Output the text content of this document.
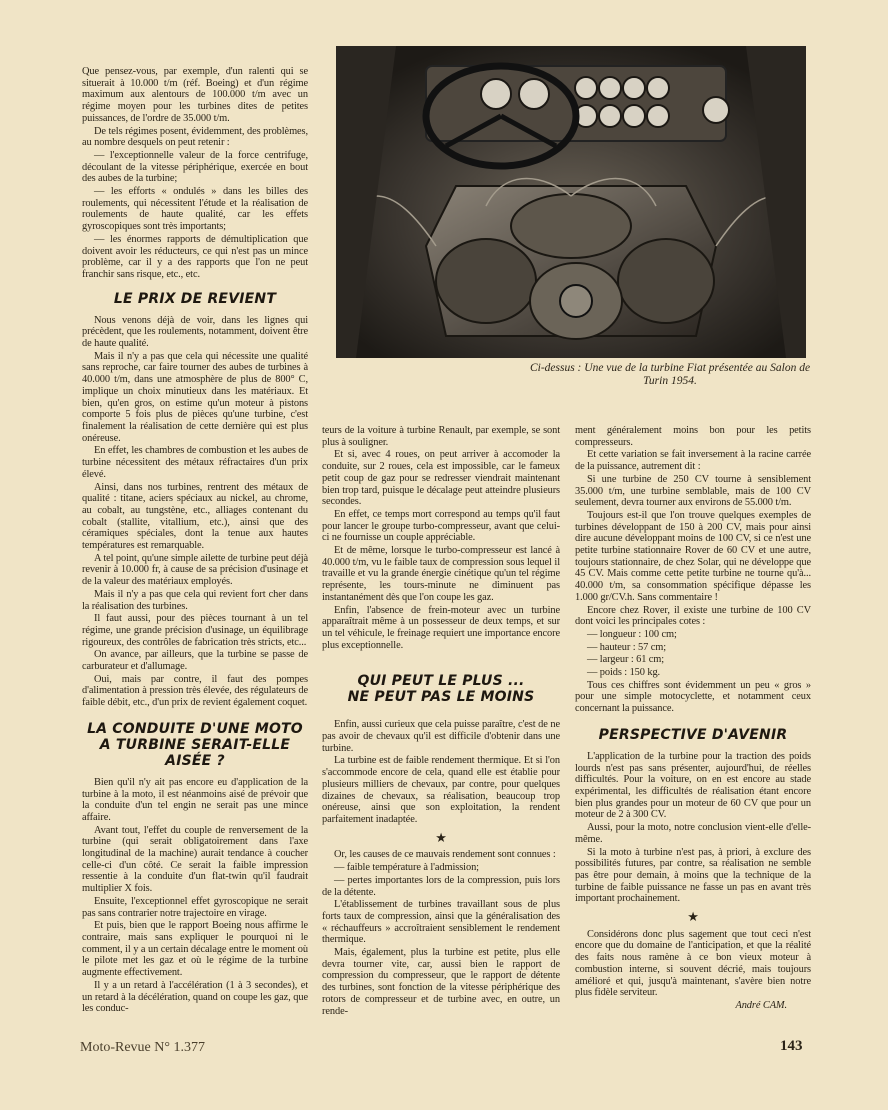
Que pensez-vous, par exemple, d'un ralenti qui se situerait à 10.000 t/m (réf. Boeing) et d'un régime maximum aux alentours de 100.000 t/m avec un régime moyen pour les turbines dites de petites puissances, de l'ordre de 35.000 t/m.

De tels régimes posent, évidemment, des problèmes, au nombre desquels on peut retenir :

— l'exceptionnelle valeur de la force centrifuge, découlant de la vitesse périphérique, exercée en bout des aubes de la turbine;

— les efforts « ondulés » dans les billes des roulements, qui nécessitent l'étude et la réalisation de roulements de haute qualité, car les effets gyroscopiques sont très importants;

— les énormes rapports de démultiplication que doivent avoir les réducteurs, ce qui n'est pas un mince problème, car il y a des rapports que l'on ne peut franchir sans risque, etc., etc.

LE PRIX DE REVIENT

Nous venons déjà de voir, dans les lignes qui précèdent, que les roulements, notamment, doivent être de haute qualité.

Mais il n'y a pas que cela qui nécessite une qualité sans reproche, car faire tourner des aubes de turbines à 40.000 t/m, dans une atmosphère de plus de 800° C, implique un choix minutieux dans les matériaux. Et bien, qu'en gros, on estime qu'un moteur à pistons comporte 5 fois plus de pièces qu'une turbine, c'est finalement la réalisation de cette dernière qui est plus onéreuse.

En effet, les chambres de combustion et les aubes de turbine nécessitent des métaux réfractaires d'un prix élevé.

Ainsi, dans nos turbines, rentrent des métaux de qualité : titane, aciers spéciaux au nickel, au chrome, au cobalt, au tungstène, etc., alliages contenant du cobalt (stallite, vitallium, etc.), ainsi que des céramiques spéciales, dont la tenue aux hautes températures est remarquable.

A tel point, qu'une simple ailette de turbine peut déjà revenir à 10.000 fr, à cause de sa précision d'usinage et de la valeur des matériaux employés.

Mais il n'y a pas que cela qui revient fort cher dans la réalisation des turbines.

Il faut aussi, pour des pièces tournant à un tel régime, une grande précision d'usinage, un équilibrage rigoureux, des contrôles de fabrication très stricts, etc...

On avance, par ailleurs, que la turbine se passe de carburateur et d'allumage.

Oui, mais par contre, il faut des pompes d'alimentation à pression très élevée, des régulateurs de faible débit, etc., d'un prix de revient également coquet.

LA CONDUITE D'UNE MOTO
A TURBINE SERAIT-ELLE AISÉE ?

Bien qu'il n'y ait pas encore eu d'application de la turbine à la moto, il est néanmoins aisé de prévoir que la conduite d'un tel engin ne serait pas une mince affaire.

Avant tout, l'effet du couple de renversement de la turbine (qui serait obligatoirement dans l'axe longitudinal de la machine) aurait tendance à coucher celle-ci d'un côté. Ce serait la faible impression ressentie à la conduite d'un flat-twin qu'il faudrait multiplier X fois.

Ensuite, l'exceptionnel effet gyroscopique ne serait pas sans contrarier notre trajectoire en virage.

Et puis, bien que le rapport Boeing nous affirme le contraire, mais sans expliquer le pourquoi ni le comment, il y a un certain décalage entre le moment où le pilote met les gaz et où le régime de la turbine augmente effectivement.

Il y a un retard à l'accélération (1 à 3 secondes), et un retard à la décélération, quand on coupe les gaz, que les conduc-

Ci-dessus : Une vue de la turbine Fiat présentée au Salon de Turin 1954.

teurs de la voiture à turbine Renault, par exemple, se sont plus à souligner.

Et si, avec 4 roues, on peut arriver à accomoder la conduite, sur 2 roues, cela est impossible, car le fameux petit coup de gaz pour se redresser viendrait maintenant bien trop tard, puisque le décalage peut atteindre plusieurs secondes.

En effet, ce temps mort correspond au temps qu'il faut pour lancer le groupe turbo-compresseur, avant que celui-ci ne fournisse un couple appréciable.

Et de même, lorsque le turbo-compresseur est lancé à 40.000 t/m, vu le faible taux de compression sous lequel il travaille et vu la grande énergie cinétique qu'un tel régime représente, les tours-minute ne diminuent pas instantanément dès que l'on coupe les gaz.

Enfin, l'absence de frein-moteur avec un turbine apparaîtrait même à un possesseur de deux temps, et sur un tel véhicule, le freinage requiert une importance encore plus exceptionnelle.

QUI PEUT LE PLUS ...
NE PEUT PAS LE MOINS

Enfin, aussi curieux que cela puisse paraître, c'est de ne pas avoir de chevaux qu'il est difficile d'obtenir dans une turbine.

La turbine est de faible rendement thermique. Et si l'on s'accommode encore de cela, quand elle est établie pour plusieurs milliers de chevaux, par contre, pour quelques dizaines de chevaux, sa réalisation, beaucoup trop onéreuse, ainsi que son exploitation, la rendent parfaitement inadaptée.

★

Or, les causes de ce mauvais rendement sont connues :

— faible température à l'admission;

— pertes importantes lors de la compression, puis lors de la détente.

L'établissement de turbines travaillant sous de plus forts taux de compression, ainsi que la généralisation des « réchauffeurs » accroîtraient sensiblement le rendement thermique.

Mais, également, plus la turbine est petite, plus elle devra tourner vite, car, aussi bien le rapport de compression du compresseur, que le rapport de détente des turbines, sont fonction de la vitesse périphérique des rotors de compresseur et de turbine avec, en outre, un rende-

ment généralement moins bon pour les petits compresseurs.

Et cette variation se fait inversement à la racine carrée de la puissance, autrement dit :

Si une turbine de 250 CV tourne à sensiblement 35.000 t/m, une turbine semblable, mais de 100 CV seulement, devra tourner aux environs de 55.000 t/m.

Toujours est-il que l'on trouve quelques exemples de turbines développant de 150 à 200 CV, mais pour ainsi dire aucune développant moins de 100 CV, si ce n'est une petite turbine stationnaire Rover de 60 CV et une autre, toujours stationnaire, de chez Solar, qui ne développe que 45 CV. Mais comme cette petite turbine ne tourne qu'à... 40.000 t/m, sa consommation spécifique dépasse les 1.000 gr/CV.h. Sans commentaire !

Encore chez Rover, il existe une turbine de 100 CV dont voici les principales cotes :

— longueur : 100 cm;

— hauteur : 57 cm;

— largeur : 61 cm;

— poids : 150 kg.

Tous ces chiffres sont évidemment un peu « gros » pour une simple motocyclette, et notamment ceux concernant la puissance.

PERSPECTIVE D'AVENIR

L'application de la turbine pour la traction des poids lourds n'est pas sans présenter, aujourd'hui, de réelles difficultés. Pour la voiture, on en est encore au stade expérimental, les difficultés de réalisation étant encore bien plus grandes pour un moteur de 60 CV que pour un moteur de 2 à 300 CV.

Aussi, pour la moto, notre conclusion vient-elle d'elle-même.

Si la moto à turbine n'est pas, à priori, à exclure des possibilités futures, par contre, sa réalisation ne semble pas être pour demain, à moins que la technique de la turbine de faible puissance ne fasse un pas en avant très important prochainement.

★

Considérons donc plus sagement que tout ceci n'est encore que du domaine de l'anticipation, et que la réalité des faits nous ramène à ce bon vieux moteur à combustion interne, si souvent décrié, mais toujours amélioré et qui, jusqu'à maintenant, s'avère bien notre plus fidèle serviteur.

André CAM.

Moto-Revue N° 1.377	143
